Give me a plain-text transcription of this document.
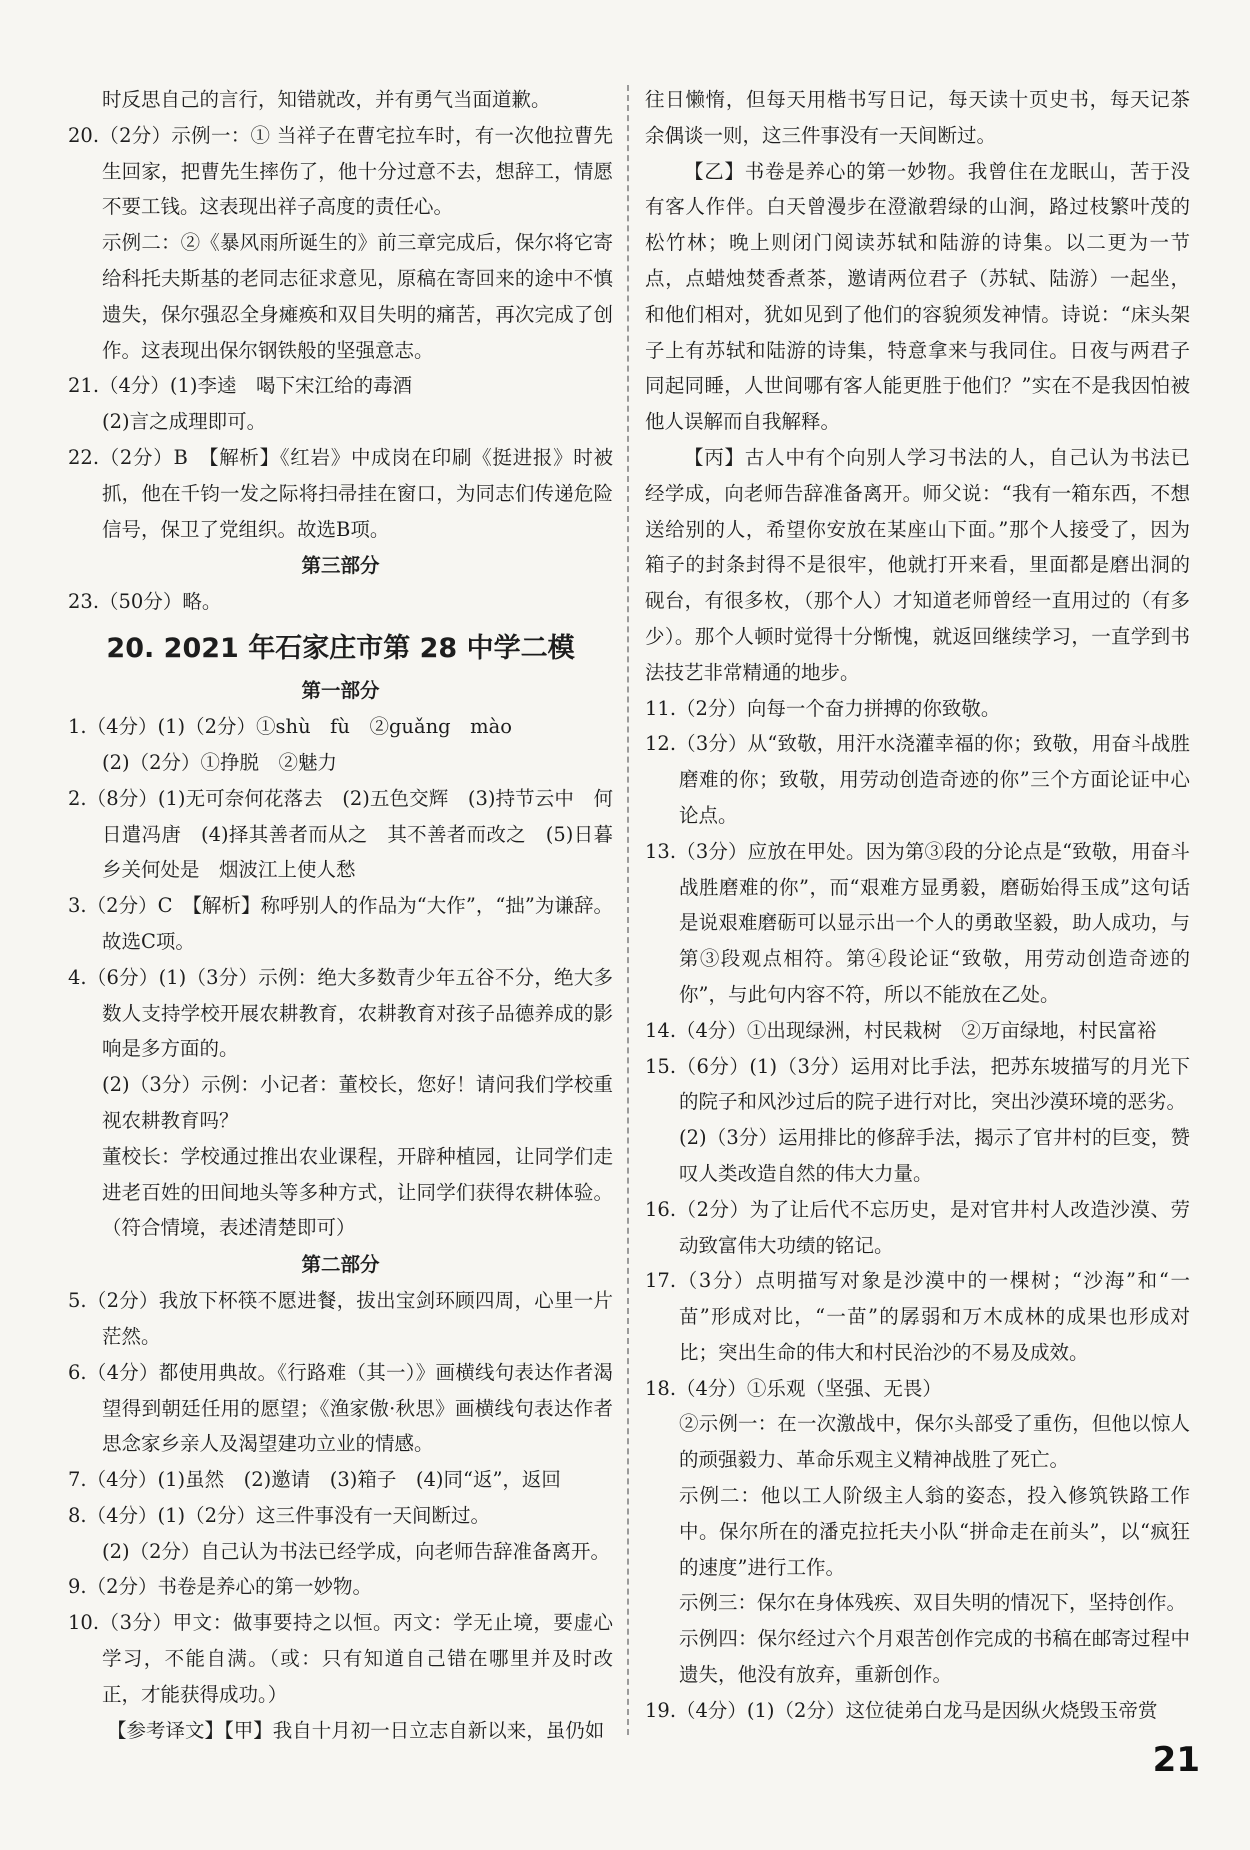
时反思自己的言行，知错就改，并有勇气当面道歉。

20.（2分）示例一：① 当祥子在曹宅拉车时，有一次他拉曹先生回家，把曹先生摔伤了，他十分过意不去，想辞工，情愿不要工钱。这表现出祥子高度的责任心。

示例二：②《暴风雨所诞生的》前三章完成后，保尔将它寄给科托夫斯基的老同志征求意见，原稿在寄回来的途中不慎遗失，保尔强忍全身瘫痪和双目失明的痛苦，再次完成了创作。这表现出保尔钢铁般的坚强意志。

21.（4分）(1)李逵　喝下宋江给的毒酒

(2)言之成理即可。

22.（2分）B　【解析】《红岩》中成岗在印刷《挺进报》时被抓，他在千钧一发之际将扫帚挂在窗口，为同志们传递危险信号，保卫了党组织。故选B项。

第三部分

23.（50分）略。

20. 2021 年石家庄市第 28 中学二模

第一部分

1.（4分）(1)（2分）①shù　fù　②guǎng　mào

(2)（2分）①挣脱　②魅力

2.（8分）(1)无可奈何花落去　(2)五色交辉　(3)持节云中　何日遣冯唐　(4)择其善者而从之　其不善者而改之　(5)日暮乡关何处是　烟波江上使人愁

3.（2分）C　【解析】称呼别人的作品为“大作”，“拙”为谦辞。故选C项。

4.（6分）(1)（3分）示例：绝大多数青少年五谷不分，绝大多数人支持学校开展农耕教育，农耕教育对孩子品德养成的影响是多方面的。

(2)（3分）示例：小记者：董校长，您好！请问我们学校重视农耕教育吗？

董校长：学校通过推出农业课程，开辟种植园，让同学们走进老百姓的田间地头等多种方式，让同学们获得农耕体验。（符合情境，表述清楚即可）

第二部分

5.（2分）我放下杯筷不愿进餐，拔出宝剑环顾四周，心里一片茫然。

6.（4分）都使用典故。《行路难（其一）》画横线句表达作者渴望得到朝廷任用的愿望；《渔家傲·秋思》画横线句表达作者思念家乡亲人及渴望建功立业的情感。

7.（4分）(1)虽然　(2)邀请　(3)箱子　(4)同“返”，返回

8.（4分）(1)（2分）这三件事没有一天间断过。

(2)（2分）自己认为书法已经学成，向老师告辞准备离开。

9.（2分）书卷是养心的第一妙物。

10.（3分）甲文：做事要持之以恒。丙文：学无止境，要虚心学习，不能自满。（或：只有知道自己错在哪里并及时改正，才能获得成功。）

【参考译文】【甲】我自十月初一日立志自新以来，虽仍如

往日懒惰，但每天用楷书写日记，每天读十页史书，每天记茶余偶谈一则，这三件事没有一天间断过。

【乙】书卷是养心的第一妙物。我曾住在龙眠山，苦于没有客人作伴。白天曾漫步在澄澈碧绿的山涧，路过枝繁叶茂的松竹林；晚上则闭门阅读苏轼和陆游的诗集。以二更为一节点，点蜡烛焚香煮茶，邀请两位君子（苏轼、陆游）一起坐，和他们相对，犹如见到了他们的容貌须发神情。诗说：“床头架子上有苏轼和陆游的诗集，特意拿来与我同住。日夜与两君子同起同睡，人世间哪有客人能更胜于他们？”实在不是我因怕被他人误解而自我解释。

【丙】古人中有个向别人学习书法的人，自己认为书法已经学成，向老师告辞准备离开。师父说：“我有一箱东西，不想送给别的人，希望你安放在某座山下面。”那个人接受了，因为箱子的封条封得不是很牢，他就打开来看，里面都是磨出洞的砚台，有很多枚，（那个人）才知道老师曾经一直用过的（有多少）。那个人顿时觉得十分惭愧，就返回继续学习，一直学到书法技艺非常精通的地步。

11.（2分）向每一个奋力拼搏的你致敬。

12.（3分）从“致敬，用汗水浇灌幸福的你；致敬，用奋斗战胜磨难的你；致敬，用劳动创造奇迹的你”三个方面论证中心论点。

13.（3分）应放在甲处。因为第③段的分论点是“致敬，用奋斗战胜磨难的你”，而“艰难方显勇毅，磨砺始得玉成”这句话是说艰难磨砺可以显示出一个人的勇敢坚毅，助人成功，与第③段观点相符。第④段论证“致敬，用劳动创造奇迹的你”，与此句内容不符，所以不能放在乙处。

14.（4分）①出现绿洲，村民栽树　②万亩绿地，村民富裕

15.（6分）(1)（3分）运用对比手法，把苏东坡描写的月光下的院子和风沙过后的院子进行对比，突出沙漠环境的恶劣。

(2)（3分）运用排比的修辞手法，揭示了官井村的巨变，赞叹人类改造自然的伟大力量。

16.（2分）为了让后代不忘历史，是对官井村人改造沙漠、劳动致富伟大功绩的铭记。

17.（3分）点明描写对象是沙漠中的一棵树；“沙海”和“一苗”形成对比，“一苗”的孱弱和万木成林的成果也形成对比；突出生命的伟大和村民治沙的不易及成效。

18.（4分）①乐观（坚强、无畏）

②示例一：在一次激战中，保尔头部受了重伤，但他以惊人的顽强毅力、革命乐观主义精神战胜了死亡。

示例二：他以工人阶级主人翁的姿态，投入修筑铁路工作中。保尔所在的潘克拉托夫小队“拼命走在前头”，以“疯狂的速度”进行工作。

示例三：保尔在身体残疾、双目失明的情况下，坚持创作。

示例四：保尔经过六个月艰苦创作完成的书稿在邮寄过程中遗失，他没有放弃，重新创作。

19.（4分）(1)（2分）这位徒弟白龙马是因纵火烧毁玉帝赏

21
